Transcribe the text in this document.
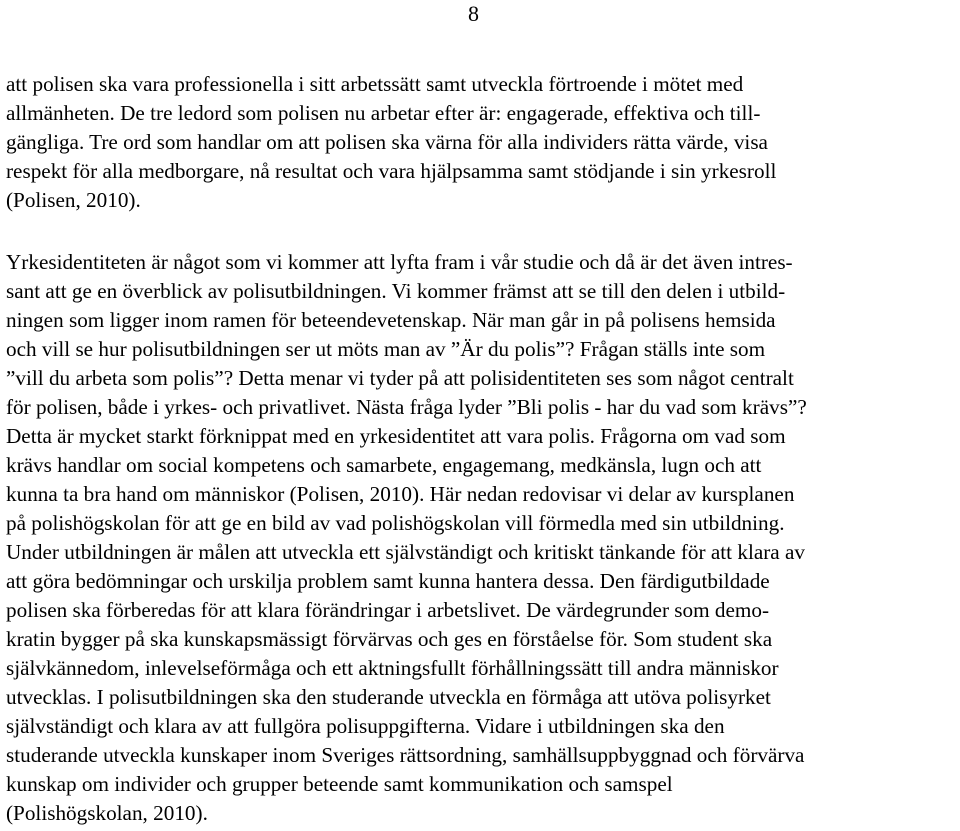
8
att polisen ska vara professionella i sitt arbetssätt samt utveckla förtroende i mötet med
allmänheten. De tre ledord som polisen nu arbetar efter är: engagerade, effektiva och till-
gängliga. Tre ord som handlar om att polisen ska värna för alla individers rätta värde, visa
respekt för alla medborgare, nå resultat och vara hjälpsamma samt stödjande i sin yrkesroll
(Polisen, 2010).
Yrkesidentiteten är något som vi kommer att lyfta fram i vår studie och då är det även intres-
sant att ge en överblick av polisutbildningen. Vi kommer främst att se till den delen i utbild-
ningen som ligger inom ramen för beteendevetenskap. När man går in på polisens hemsida
och vill se hur polisutbildningen ser ut möts man av ”Är du polis”? Frågan ställs inte som
”vill du arbeta som polis”? Detta menar vi tyder på att polisidentiteten ses som något centralt
för polisen, både i yrkes- och privatlivet. Nästa fråga lyder ”Bli polis - har du vad som krävs”?
Detta är mycket starkt förknippat med en yrkesidentitet att vara polis. Frågorna om vad som
krävs handlar om social kompetens och samarbete, engagemang, medkänsla, lugn och att
kunna ta bra hand om människor (Polisen, 2010). Här nedan redovisar vi delar av kursplanen
på polishögskolan för att ge en bild av vad polishögskolan vill förmedla med sin utbildning.
Under utbildningen är målen att utveckla ett självständigt och kritiskt tänkande för att klara av
att göra bedömningar och urskilja problem samt kunna hantera dessa. Den färdigutbildade
polisen ska förberedas för att klara förändringar i arbetslivet. De värdegrunder som demo-
kratin bygger på ska kunskapsmässigt förvärvas och ges en förståelse för. Som student ska
självkännedom, inlevelseförmåga och ett aktningsfullt förhållningssätt till andra människor
utvecklas. I polisutbildningen ska den studerande utveckla en förmåga att utöva polisyrket
självständigt och klara av att fullgöra polisuppgifterna. Vidare i utbildningen ska den
studerande utveckla kunskaper inom Sveriges rättsordning, samhällsuppbyggnad och förvärva
kunskap om individer och grupper beteende samt kommunikation och samspel
(Polishögskolan, 2010).
